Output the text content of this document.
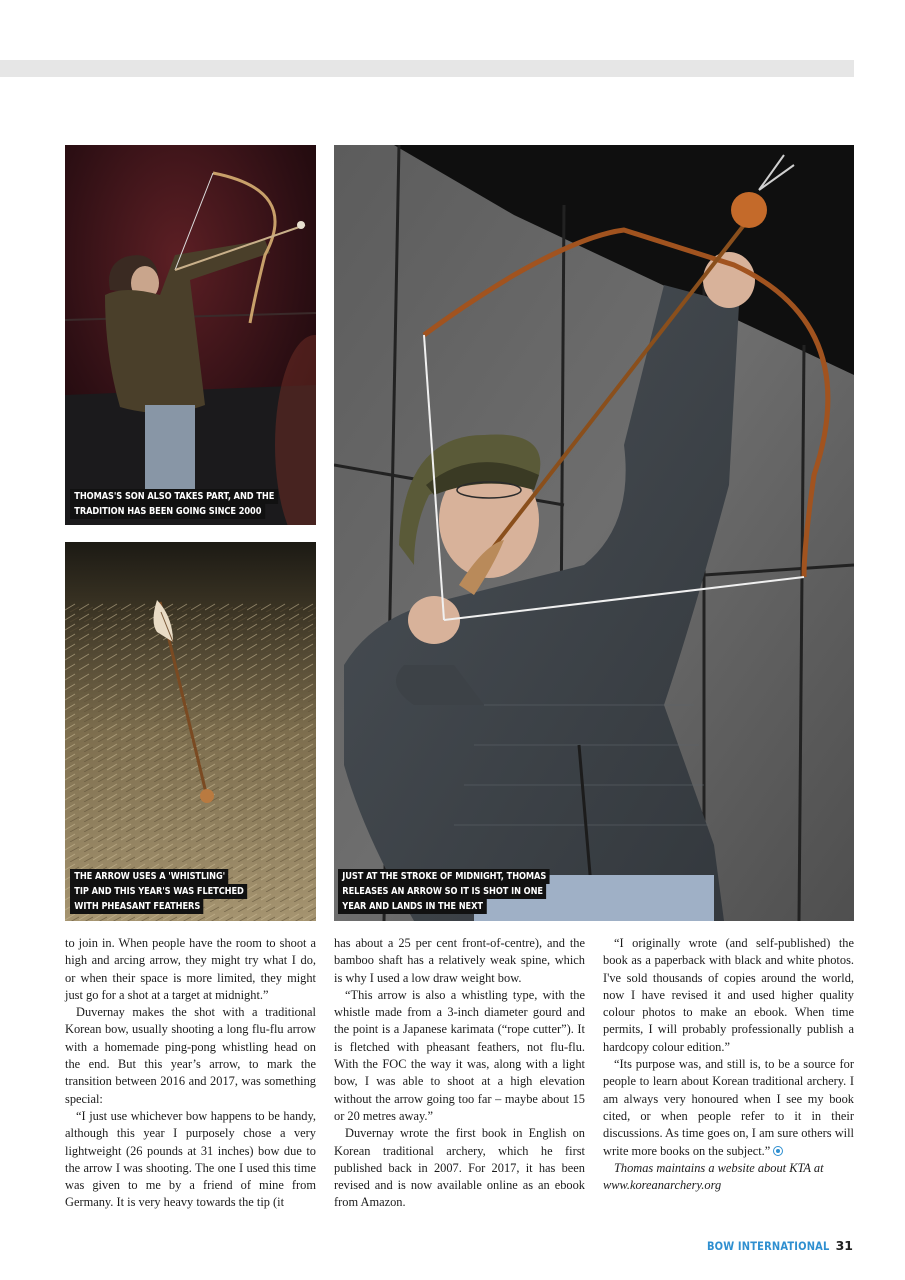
THOMAS'S SON ALSO TAKES PART, AND THE
TRADITION HAS BEEN GOING SINCE 2000
THE ARROW USES A 'WHISTLING'
TIP AND THIS YEAR'S WAS FLETCHED
WITH PHEASANT FEATHERS
JUST AT THE STROKE OF MIDNIGHT, THOMAS
RELEASES AN ARROW SO IT IS SHOT IN ONE
YEAR AND LANDS IN THE NEXT

to join in. When people have the room to shoot a high and arcing arrow, they might try what I do, or when their space is more limited, they might just go for a shot at a target at midnight.”

Duvernay makes the shot with a traditional Korean bow, usually shooting a long flu-flu arrow with a homemade ping-pong whistling head on the end. But this year’s arrow, to mark the transition between 2016 and 2017, was something special:

“I just use whichever bow happens to be handy, although this year I purposely chose a very lightweight (26 pounds at 31 inches) bow due to the arrow I was shooting. The one I used this time was given to me by a friend of mine from Germany. It is very heavy towards the tip (it

has about a 25 per cent front-of-centre), and the bamboo shaft has a relatively weak spine, which is why I used a low draw weight bow.

“This arrow is also a whistling type, with the whistle made from a 3-inch diameter gourd and the point is a Japanese karimata (“rope cutter”). It is fletched with pheasant feathers, not flu-flu. With the FOC the way it was, along with a light bow, I was able to shoot at a high elevation without the arrow going too far – maybe about 15 or 20 metres away.”

Duvernay wrote the first book in English on Korean traditional archery, which he first published back in 2007. For 2017, it has been revised and is now available online as an ebook from Amazon.

“I originally wrote (and self-published) the book as a paperback with black and white photos. I've sold thousands of copies around the world, now I have revised it and used higher quality colour photos to make an ebook. When time permits, I will probably professionally publish a hardcopy colour edition.”

“Its purpose was, and still is, to be a source for people to learn about Korean traditional archery. I am always very honoured when I see my book cited, or when people refer to it in their discussions. As time goes on, I am sure others will write more books on the subject.”

Thomas maintains a website about KTA at www.koreanarchery.org

BOW INTERNATIONAL 31
